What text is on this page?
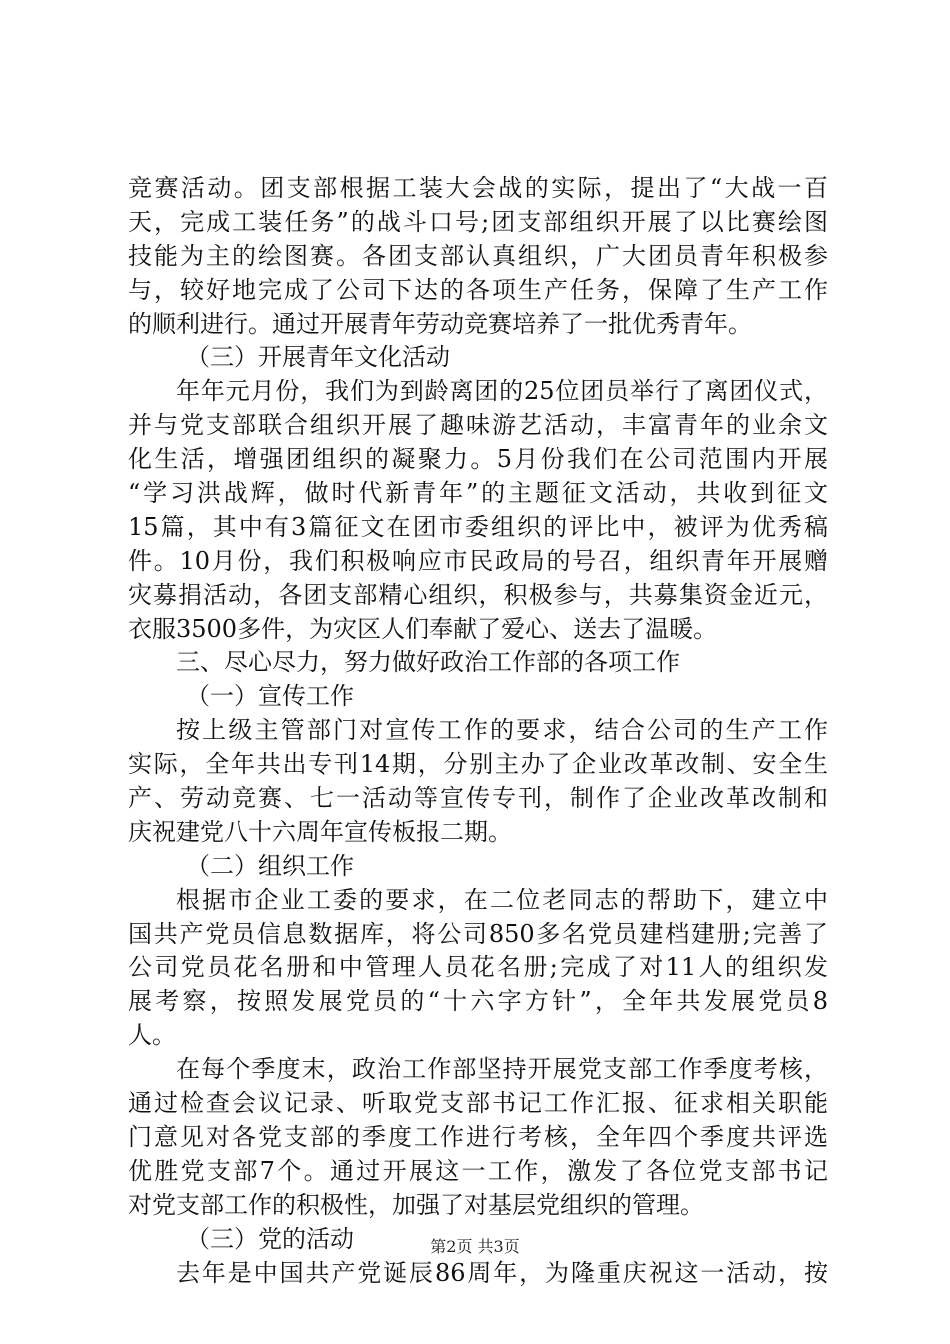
竞赛活动。团支部根据工装大会战的实际，提出了“大战一百
天，完成工装任务”的战斗口号;团支部组织开展了以比赛绘图
技能为主的绘图赛。各团支部认真组织，广大团员青年积极参
与，较好地完成了公司下达的各项生产任务，保障了生产工作
的顺利进行。通过开展青年劳动竞赛培养了一批优秀青年。
（三）开展青年文化活动
年年元月份，我们为到龄离团的25位团员举行了离团仪式，
并与党支部联合组织开展了趣味游艺活动，丰富青年的业余文
化生活，增强团组织的凝聚力。5月份我们在公司范围内开展
“学习洪战辉，做时代新青年”的主题征文活动，共收到征文
15篇，其中有3篇征文在团市委组织的评比中，被评为优秀稿
件。10月份，我们积极响应市民政局的号召，组织青年开展赠
灾募捐活动，各团支部精心组织，积极参与，共募集资金近元，
衣服3500多件，为灾区人们奉献了爱心、送去了温暖。
三、尽心尽力，努力做好政治工作部的各项工作
（一）宣传工作
按上级主管部门对宣传工作的要求，结合公司的生产工作
实际，全年共出专刊14期，分别主办了企业改革改制、安全生
产、劳动竞赛、七一活动等宣传专刊，制作了企业改革改制和
庆祝建党八十六周年宣传板报二期。
（二）组织工作
根据市企业工委的要求，在二位老同志的帮助下，建立中
国共产党员信息数据库，将公司850多名党员建档建册;完善了
公司党员花名册和中管理人员花名册;完成了对11人的组织发
展考察，按照发展党员的“十六字方针”，全年共发展党员8
人。
在每个季度末，政治工作部坚持开展党支部工作季度考核，
通过检查会议记录、听取党支部书记工作汇报、征求相关职能
门意见对各党支部的季度工作进行考核，全年四个季度共评选
优胜党支部7个。通过开展这一工作，激发了各位党支部书记
对党支部工作的积极性，加强了对基层党组织的管理。
（三）党的活动
去年是中国共产党诞辰86周年，为隆重庆祝这一活动，按
第2页 共3页
